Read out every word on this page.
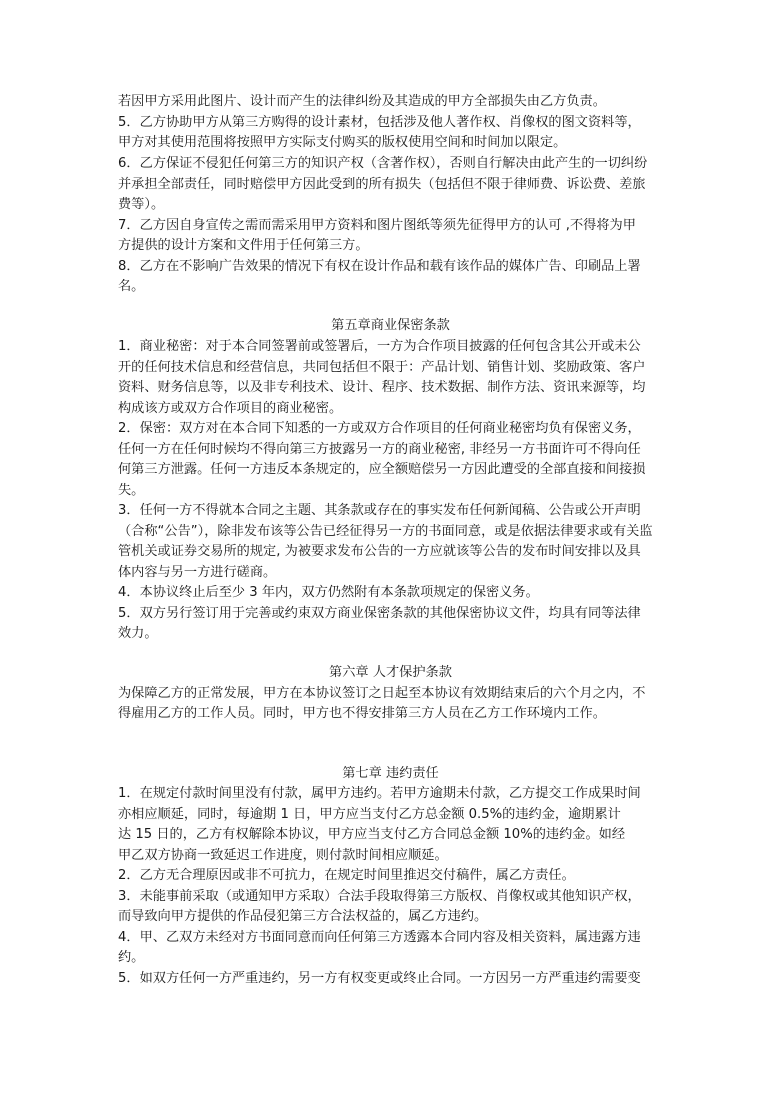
若因甲方采用此图片、设计而产生的法律纠纷及其造成的甲方全部损失由乙方负责。
5．乙方协助甲方从第三方购得的设计素材，包括涉及他人著作权、肖像权的图文资料等，
甲方对其使用范围将按照甲方实际支付购买的版权使用空间和时间加以限定。
6．乙方保证不侵犯任何第三方的知识产权（含著作权），否则自行解决由此产生的一切纠纷
并承担全部责任，同时赔偿甲方因此受到的所有损失（包括但不限于律师费、诉讼费、差旅
费等）。
7．乙方因自身宣传之需而需采用甲方资料和图片图纸等须先征得甲方的认可 ,不得将为甲
方提供的设计方案和文件用于任何第三方。
8．乙方在不影响广告效果的情况下有权在设计作品和载有该作品的媒体广告、印刷品上署
名。
第五章商业保密条款
1．商业秘密：对于本合同签署前或签署后，一方为合作项目披露的任何包含其公开或未公
开的任何技术信息和经营信息，共同包括但不限于：产品计划、销售计划、奖励政策、客户
资料、财务信息等，以及非专利技术、设计、程序、技术数据、制作方法、资讯来源等，均
构成该方或双方合作项目的商业秘密。
2．保密：双方对在本合同下知悉的一方或双方合作项目的任何商业秘密均负有保密义务，
任何一方在任何时候均不得向第三方披露另一方的商业秘密, 非经另一方书面许可不得向任
何第三方泄露。任何一方违反本条规定的，应全额赔偿另一方因此遭受的全部直接和间接损
失。
3．任何一方不得就本合同之主题、其条款或存在的事实发布任何新闻稿、公告或公开声明
（合称“公告”），除非发布该等公告已经征得另一方的书面同意，或是依据法律要求或有关监
管机关或证券交易所的规定, 为被要求发布公告的一方应就该等公告的发布时间安排以及具
体内容与另一方进行磋商。
4．本协议终止后至少 3 年内，双方仍然附有本条款项规定的保密义务。
5．双方另行签订用于完善或约束双方商业保密条款的其他保密协议文件，均具有同等法律
效力。
第六章 人才保护条款
为保障乙方的正常发展，甲方在本协议签订之日起至本协议有效期结束后的六个月之内，不
得雇用乙方的工作人员。同时，甲方也不得安排第三方人员在乙方工作环境内工作。
第七章 违约责任
1．在规定付款时间里没有付款，属甲方违约。若甲方逾期未付款，乙方提交工作成果时间
亦相应顺延，同时，每逾期 1 日，甲方应当支付乙方总金额 0.5%的违约金，逾期累计
达 15 日的，乙方有权解除本协议，甲方应当支付乙方合同总金额 10%的违约金。如经
甲乙双方协商一致延迟工作进度，则付款时间相应顺延。
2．乙方无合理原因或非不可抗力，在规定时间里推迟交付稿件，属乙方责任。
3．未能事前采取（或通知甲方采取）合法手段取得第三方版权、肖像权或其他知识产权，
而导致向甲方提供的作品侵犯第三方合法权益的，属乙方违约。
4．甲、乙双方未经对方书面同意而向任何第三方透露本合同内容及相关资料，属违露方违
约。
5．如双方任何一方严重违约，另一方有权变更或终止合同。一方因另一方严重违约需要变
